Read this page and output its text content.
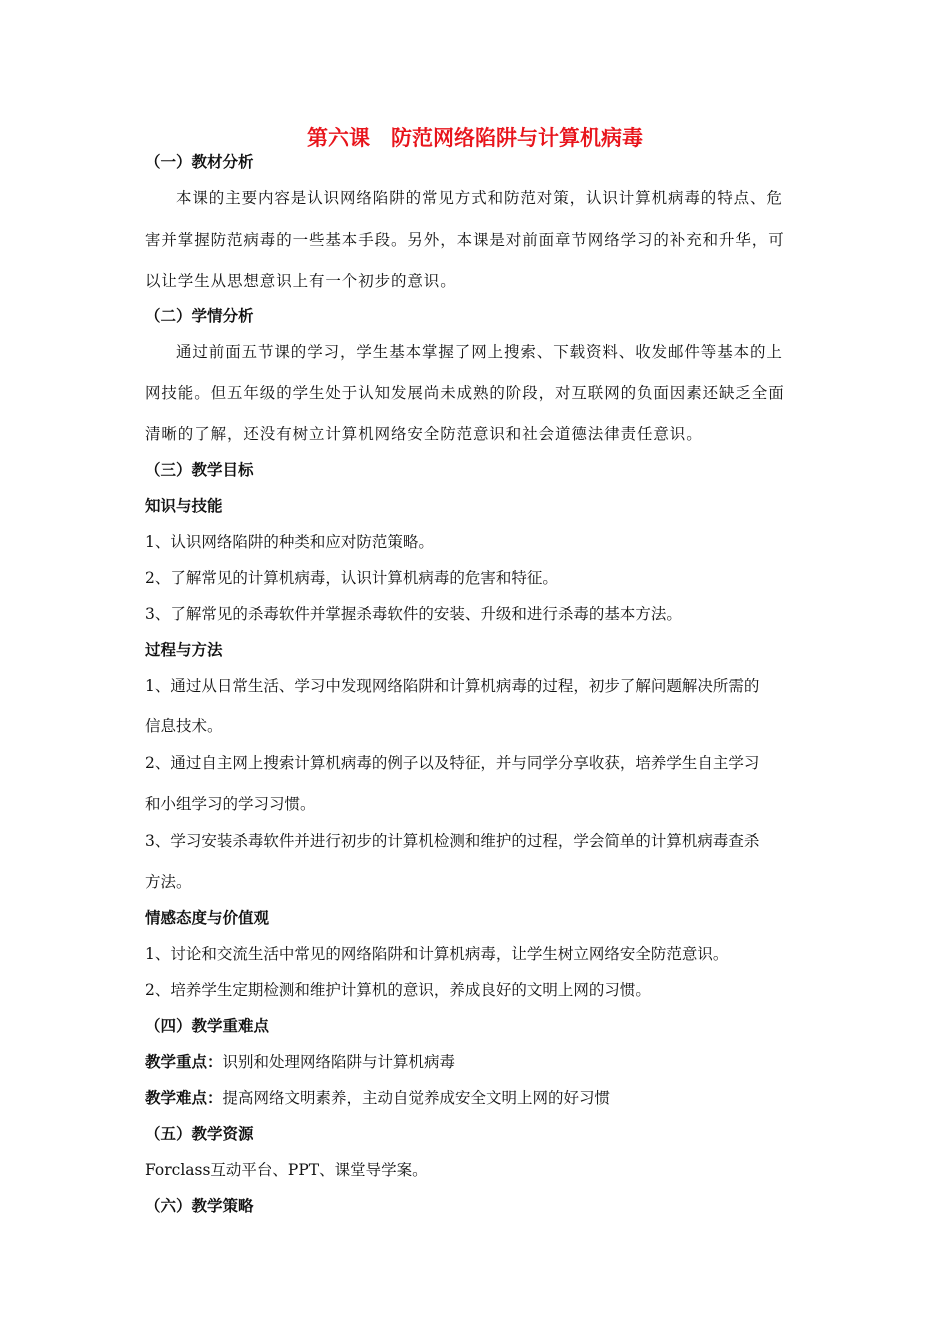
第六课　防范网络陷阱与计算机病毒
（一）教材分析
本课的主要内容是认识网络陷阱的常见方式和防范对策，认识计算机病毒的特点、危
害并掌握防范病毒的一些基本手段。另外，本课是对前面章节网络学习的补充和升华，可
以让学生从思想意识上有一个初步的意识。
（二）学情分析
通过前面五节课的学习，学生基本掌握了网上搜索、下载资料、收发邮件等基本的上
网技能。但五年级的学生处于认知发展尚未成熟的阶段，对互联网的负面因素还缺乏全面
清晰的了解，还没有树立计算机网络安全防范意识和社会道德法律责任意识。
（三）教学目标
知识与技能
1、认识网络陷阱的种类和应对防范策略。
2、了解常见的计算机病毒，认识计算机病毒的危害和特征。
3、了解常见的杀毒软件并掌握杀毒软件的安装、升级和进行杀毒的基本方法。
过程与方法
1、通过从日常生活、学习中发现网络陷阱和计算机病毒的过程，初步了解问题解决所需的
信息技术。
2、通过自主网上搜索计算机病毒的例子以及特征，并与同学分享收获，培养学生自主学习
和小组学习的学习习惯。
3、学习安装杀毒软件并进行初步的计算机检测和维护的过程，学会简单的计算机病毒查杀
方法。
情感态度与价值观
1、讨论和交流生活中常见的网络陷阱和计算机病毒，让学生树立网络安全防范意识。
2、培养学生定期检测和维护计算机的意识，养成良好的文明上网的习惯。
（四）教学重难点
教学重点：识别和处理网络陷阱与计算机病毒
教学难点：提高网络文明素养，主动自觉养成安全文明上网的好习惯
（五）教学资源
Forclass互动平台、PPT、课堂导学案。
（六）教学策略
